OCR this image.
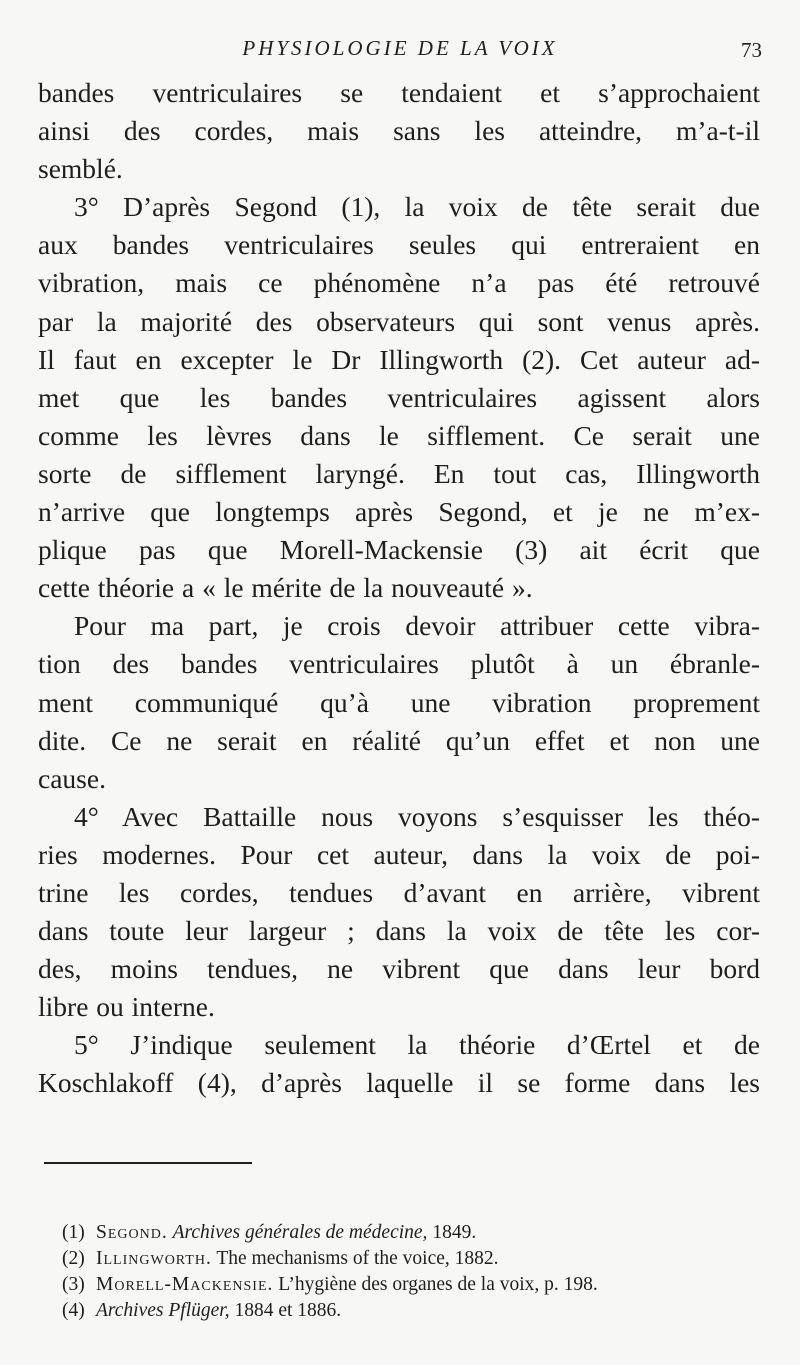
PHYSIOLOGIE DE LA VOIX	73
bandes ventriculaires se tendaient et s’approchaient
ainsi des cordes, mais sans les atteindre, m’a-t-il
semblé.
3° D’après Segond (1), la voix de tête serait due
aux bandes ventriculaires seules qui entreraient en
vibration, mais ce phénomène n’a pas été retrouvé
par la majorité des observateurs qui sont venus après.
Il faut en excepter le Dr Illingworth (2). Cet auteur ad-
met que les bandes ventriculaires agissent alors
comme les lèvres dans le sifflement. Ce serait une
sorte de sifflement laryngé. En tout cas, Illingworth
n’arrive que longtemps après Segond, et je ne m’ex-
plique pas que Morell-Mackensie (3) ait écrit que
cette théorie a « le mérite de la nouveauté ».
Pour ma part, je crois devoir attribuer cette vibra-
tion des bandes ventriculaires plutôt à un ébranle-
ment communiqué qu’à une vibration proprement
dite. Ce ne serait en réalité qu’un effet et non une
cause.
4° Avec Battaille nous voyons s’esquisser les théo-
ries modernes. Pour cet auteur, dans la voix de poi-
trine les cordes, tendues d’avant en arrière, vibrent
dans toute leur largeur ; dans la voix de tête les cor-
des, moins tendues, ne vibrent que dans leur bord
libre ou interne.
5° J’indique seulement la théorie d’Œrtel et de
Koschlakoff (4), d’après laquelle il se forme dans les
(1) Segond. Archives générales de médecine, 1849.
(2) Illingworth. The mechanisms of the voice, 1882.
(3) Morell-Mackensie. L’hygiène des organes de la voix, p. 198.
(4) Archives Pflüger, 1884 et 1886.
